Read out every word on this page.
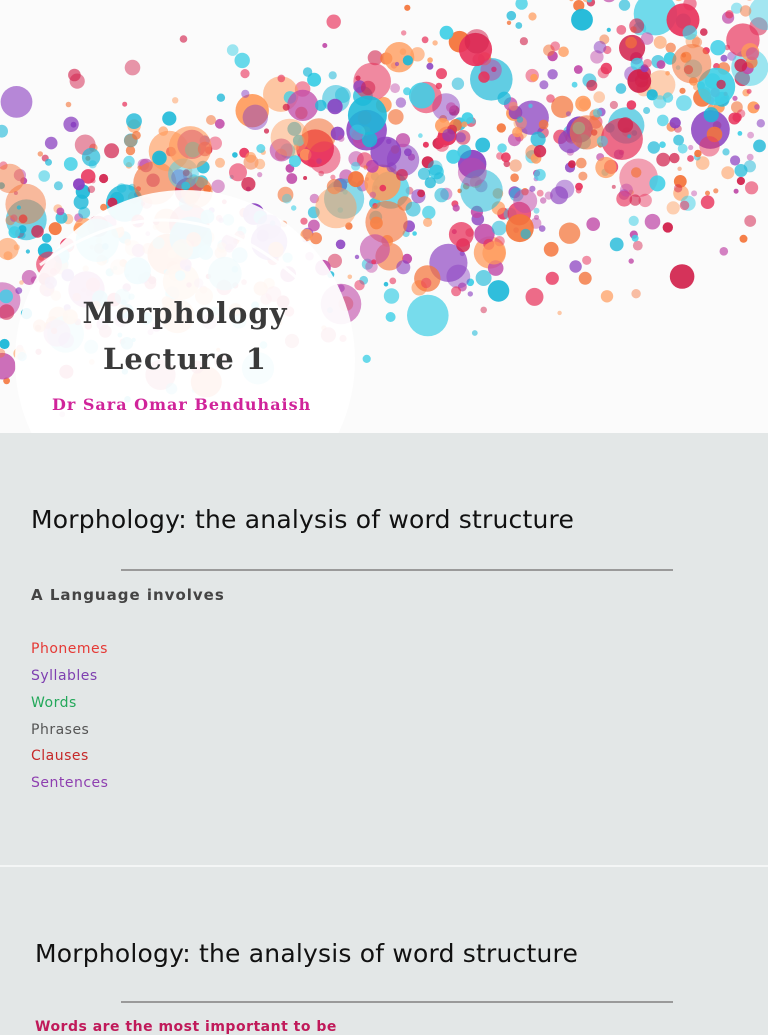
Morphology

Lecture 1

Dr Sara Omar Benduhaish
Morphology: the analysis of word structure
A Language involves
Phonemes
Syllables
Words
Phrases
Clauses
Sentences
Morphology: the analysis of word structure
Words are the most important to be
